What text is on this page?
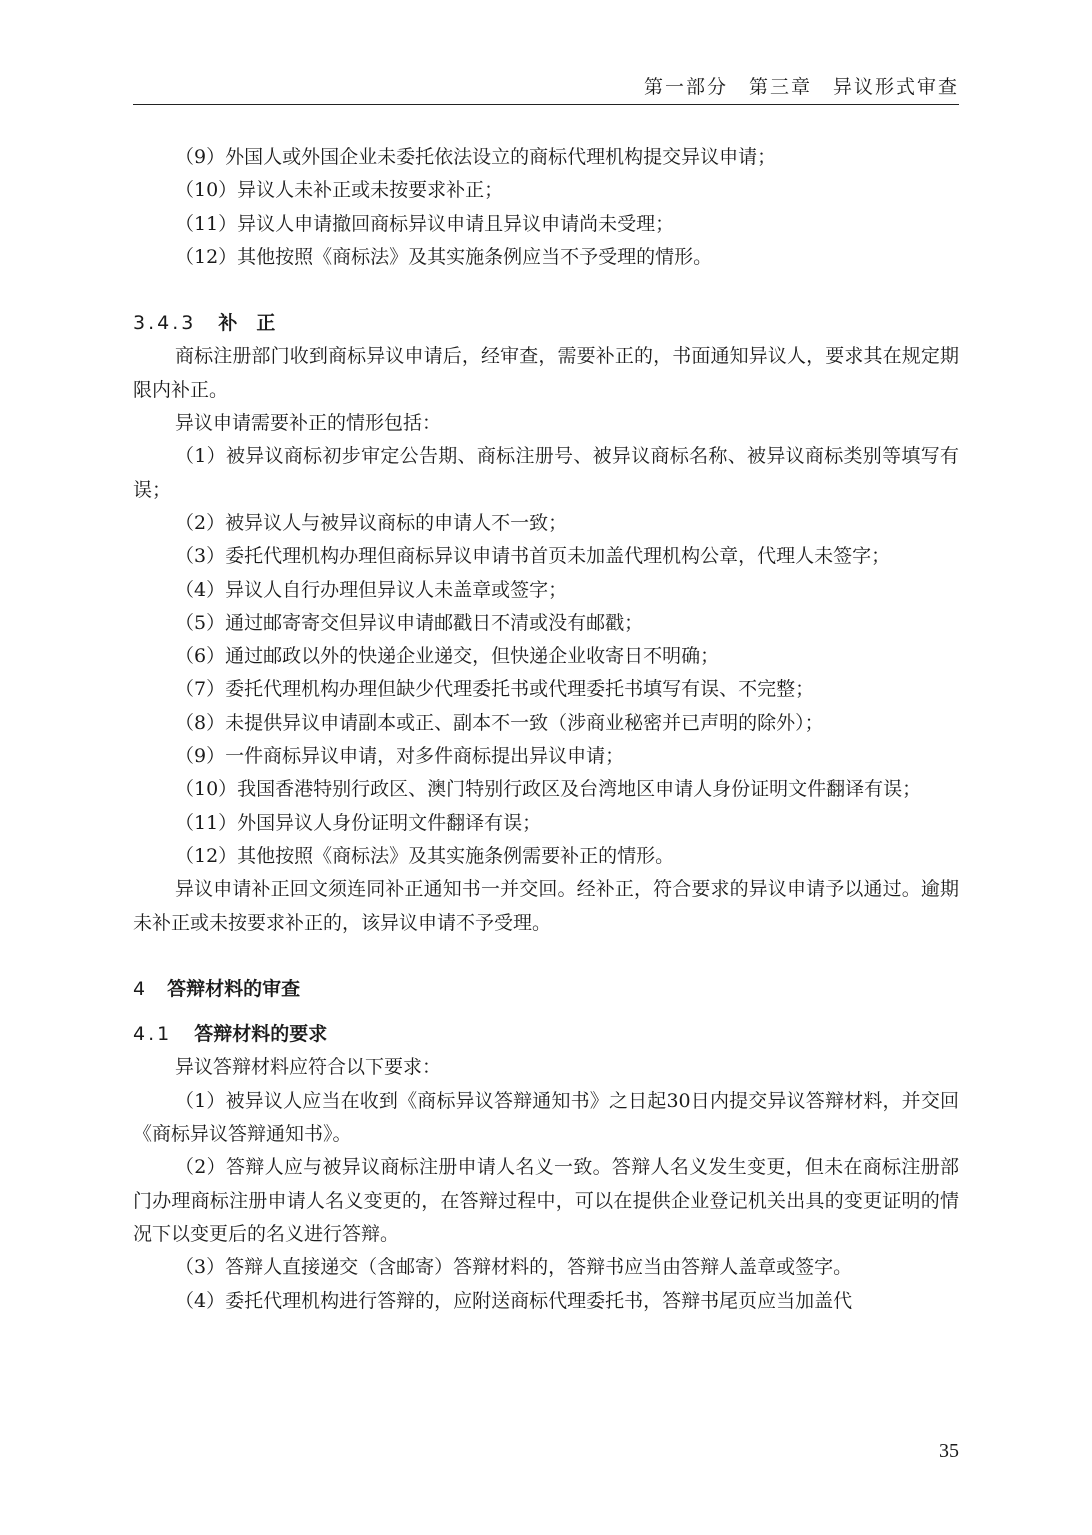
第一部分　第三章　异议形式审查

（9）外国人或外国企业未委托依法设立的商标代理机构提交异议申请；

（10）异议人未补正或未按要求补正；

（11）异议人申请撤回商标异议申请且异议申请尚未受理；

（12）其他按照《商标法》及其实施条例应当不予受理的情形。

3.4.3 补　正

商标注册部门收到商标异议申请后，经审查，需要补正的，书面通知异议人，要求其在规定期限内补正。

异议申请需要补正的情形包括：

（1）被异议商标初步审定公告期、商标注册号、被异议商标名称、被异议商标类别等填写有误；

（2）被异议人与被异议商标的申请人不一致；

（3）委托代理机构办理但商标异议申请书首页未加盖代理机构公章，代理人未签字；

（4）异议人自行办理但异议人未盖章或签字；

（5）通过邮寄寄交但异议申请邮戳日不清或没有邮戳；

（6）通过邮政以外的快递企业递交，但快递企业收寄日不明确；

（7）委托代理机构办理但缺少代理委托书或代理委托书填写有误、不完整；

（8）未提供异议申请副本或正、副本不一致（涉商业秘密并已声明的除外）；

（9）一件商标异议申请，对多件商标提出异议申请；

（10）我国香港特别行政区、澳门特别行政区及台湾地区申请人身份证明文件翻译有误；

（11）外国异议人身份证明文件翻译有误；

（12）其他按照《商标法》及其实施条例需要补正的情形。

异议申请补正回文须连同补正通知书一并交回。经补正，符合要求的异议申请予以通过。逾期未补正或未按要求补正的，该异议申请不予受理。

4 答辩材料的审查

4.1 答辩材料的要求

异议答辩材料应符合以下要求：

（1）被异议人应当在收到《商标异议答辩通知书》之日起30日内提交异议答辩材料，并交回《商标异议答辩通知书》。

（2）答辩人应与被异议商标注册申请人名义一致。答辩人名义发生变更，但未在商标注册部门办理商标注册申请人名义变更的，在答辩过程中，可以在提供企业登记机关出具的变更证明的情况下以变更后的名义进行答辩。

（3）答辩人直接递交（含邮寄）答辩材料的，答辩书应当由答辩人盖章或签字。

（4）委托代理机构进行答辩的，应附送商标代理委托书，答辩书尾页应当加盖代

35
